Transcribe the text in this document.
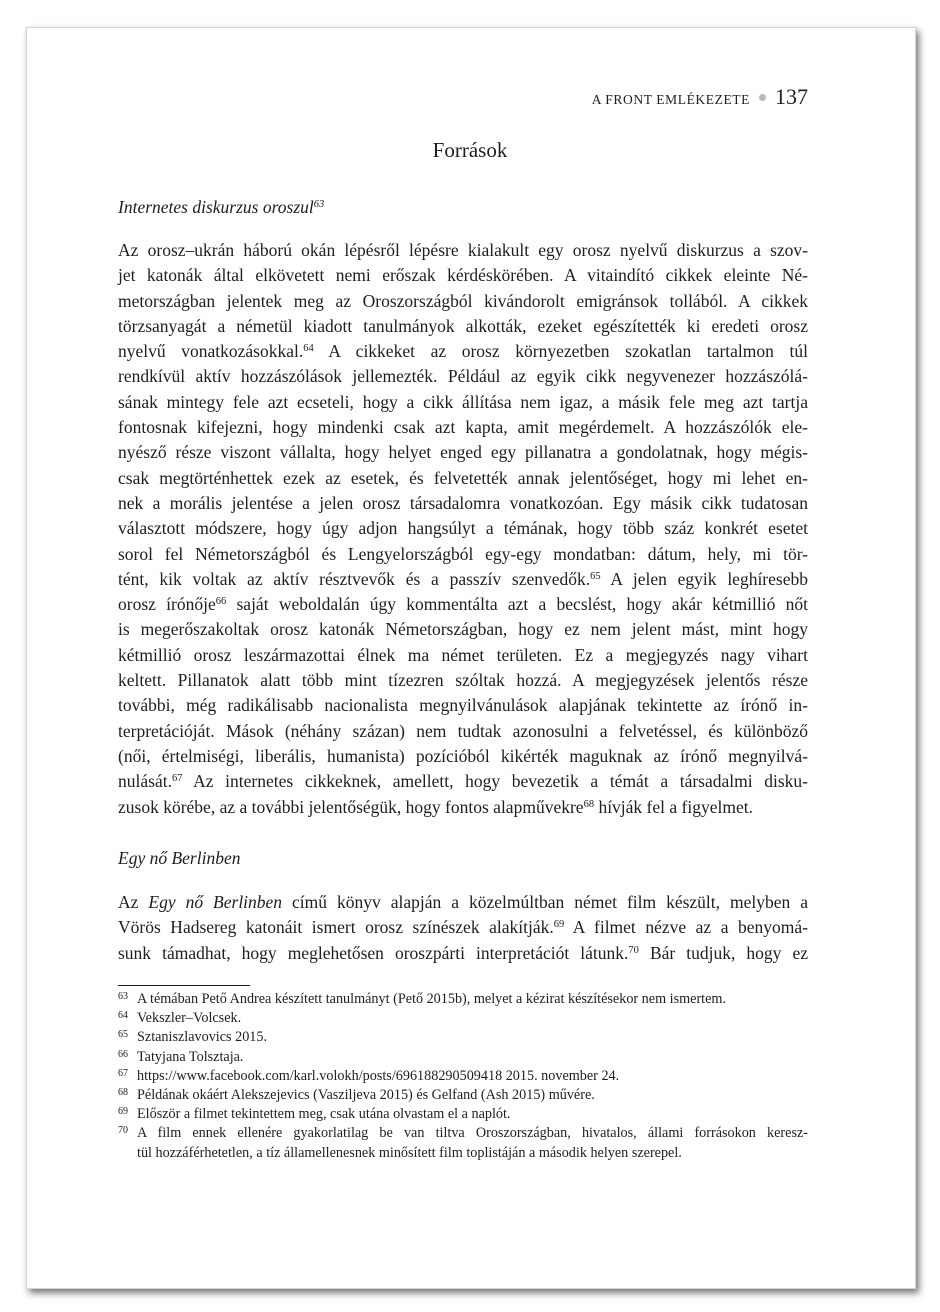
A FRONT EMLÉKEZETE 137
Források
Internetes diskurzus oroszul$^{63}$
Az orosz–ukrán háború okán lépésről lépésre kialakult egy orosz nyelvű diskurzus a szov-
jet katonák által elkövetett nemi erőszak kérdéskörében. A vitaindító cikkek eleinte Né-
metországban jelentek meg az Oroszországból kivándorolt emigránsok tollából. A cikkek
törzsanyagát a németül kiadott tanulmányok alkották, ezeket egészítették ki eredeti orosz
nyelvű vonatkozásokkal.$^{64}$ A cikkeket az orosz környezetben szokatlan tartalmon túl
rendkívül aktív hozzászólások jellemezték. Például az egyik cikk negyvenezer hozzászólá-
sának mintegy fele azt ecseteli, hogy a cikk állítása nem igaz, a másik fele meg azt tartja
fontosnak kifejezni, hogy mindenki csak azt kapta, amit megérdemelt. A hozzászólók ele-
nyésző része viszont vállalta, hogy helyet enged egy pillanatra a gondolatnak, hogy mégis-
csak megtörténhettek ezek az esetek, és felvetették annak jelentőséget, hogy mi lehet en-
nek a morális jelentése a jelen orosz társadalomra vonatkozóan. Egy másik cikk tudatosan
választott módszere, hogy úgy adjon hangsúlyt a témának, hogy több száz konkrét esetet
sorol fel Németországból és Lengyelországból egy-egy mondatban: dátum, hely, mi tör-
tént, kik voltak az aktív résztvevők és a passzív szenvedők.$^{65}$ A jelen egyik leghíresebb
orosz írónője$^{66}$ saját weboldalán úgy kommentálta azt a becslést, hogy akár kétmillió nőt
is megerőszakoltak orosz katonák Németországban, hogy ez nem jelent mást, mint hogy
kétmillió orosz leszármazottai élnek ma német területen. Ez a megjegyzés nagy vihart
keltett. Pillanatok alatt több mint tízezren szóltak hozzá. A megjegyzések jelentős része
további, még radikálisabb nacionalista megnyilvánulások alapjának tekintette az írónő in-
terpretációját. Mások (néhány százan) nem tudtak azonosulni a felvetéssel, és különböző
(női, értelmiségi, liberális, humanista) pozícióból kikérték maguknak az írónő megnyilvá-
nulását.$^{67}$ Az internetes cikkeknek, amellett, hogy bevezetik a témát a társadalmi disku-
zusok körébe, az a további jelentőségük, hogy fontos alapművekre$^{68}$ hívják fel a figyelmet.
Egy nő Berlinben
Az Egy nő Berlinben című könyv alapján a közelmúltban német film készült, melyben a
Vörös Hadsereg katonáit ismert orosz színészek alakítják.$^{69}$ A filmet nézve az a benyomá-
sunk támadhat, hogy meglehetősen oroszpárti interpretációt látunk.$^{70}$ Bár tudjuk, hogy ez
63 A témában Pető Andrea készített tanulmányt (Pető 2015b), melyet a kézirat készítésekor nem ismertem.
64 Vekszler–Volcsek.
65 Sztaniszlavovics 2015.
66 Tatyjana Tolsztaja.
67 https://www.facebook.com/karl.volokh/posts/696188290509418 2015. november 24.
68 Példának okáért Alekszejevics (Vasziljeva 2015) és Gelfand (Ash 2015) művére.
69 Először a filmet tekintettem meg, csak utána olvastam el a naplót.
70 A film ennek ellenére gyakorlatilag be van tiltva Oroszországban, hivatalos, állami forrásokon keresz-
tül hozzáférhetetlen, a tíz államellenesnek minősített film toplistáján a második helyen szerepel.
